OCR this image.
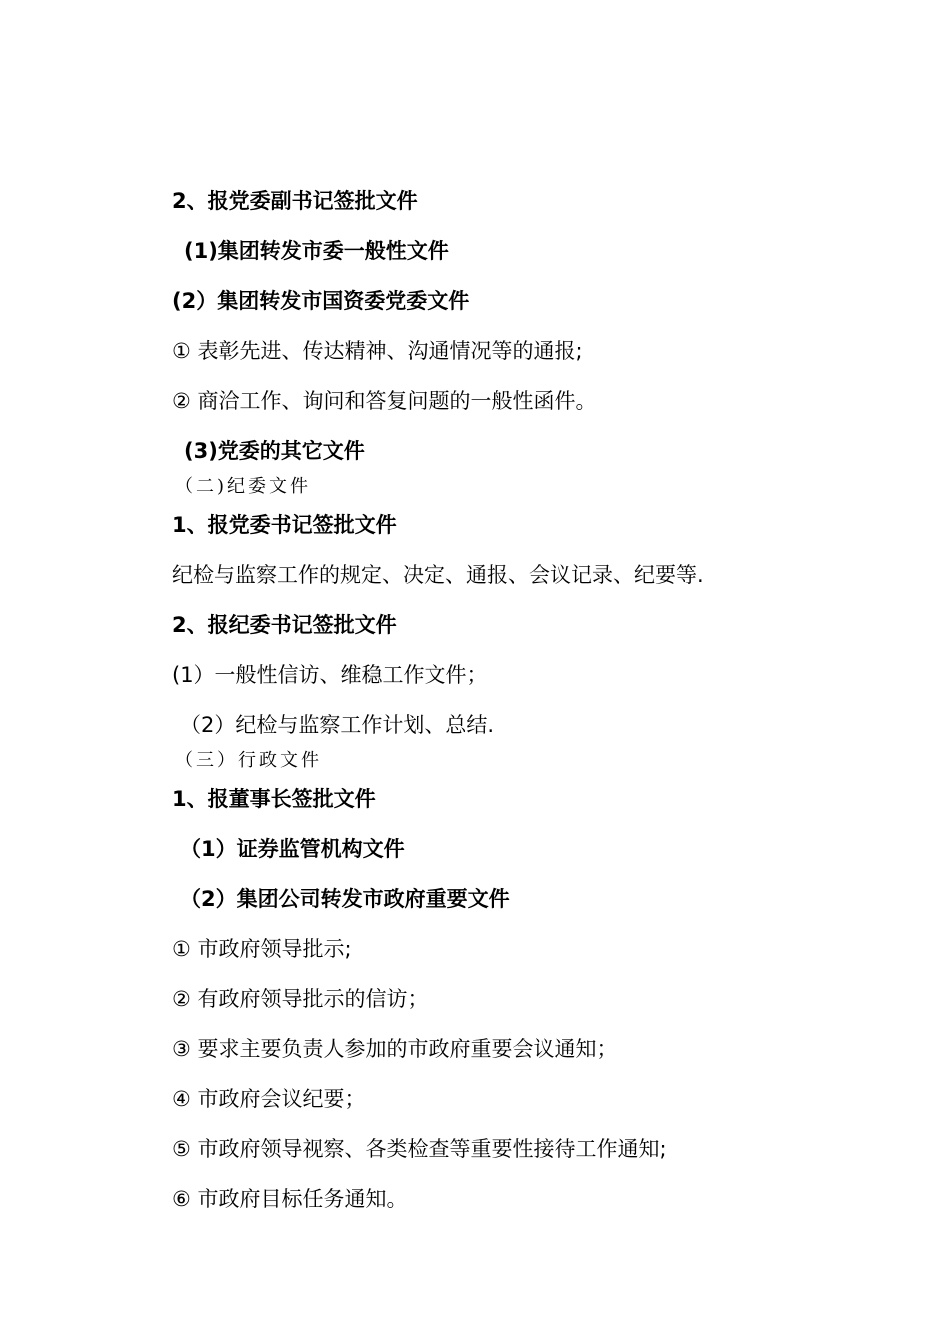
2、报党委副书记签批文件
(1)集团转发市委一般性文件
(2）集团转发市国资委党委文件
① 表彰先进、传达精神、沟通情况等的通报;
② 商洽工作、询问和答复问题的一般性函件。
(3)党委的其它文件
（二)纪委文件
1、报党委书记签批文件
纪检与监察工作的规定、决定、通报、会议记录、纪要等.
2、报纪委书记签批文件
(1）一般性信访、维稳工作文件；
（2）纪检与监察工作计划、总结.
（三）行政文件
1、报董事长签批文件
（1）证券监管机构文件
（2）集团公司转发市政府重要文件
① 市政府领导批示;
② 有政府领导批示的信访；
③ 要求主要负责人参加的市政府重要会议通知；
④ 市政府会议纪要；
⑤ 市政府领导视察、各类检查等重要性接待工作通知;
⑥ 市政府目标任务通知。
